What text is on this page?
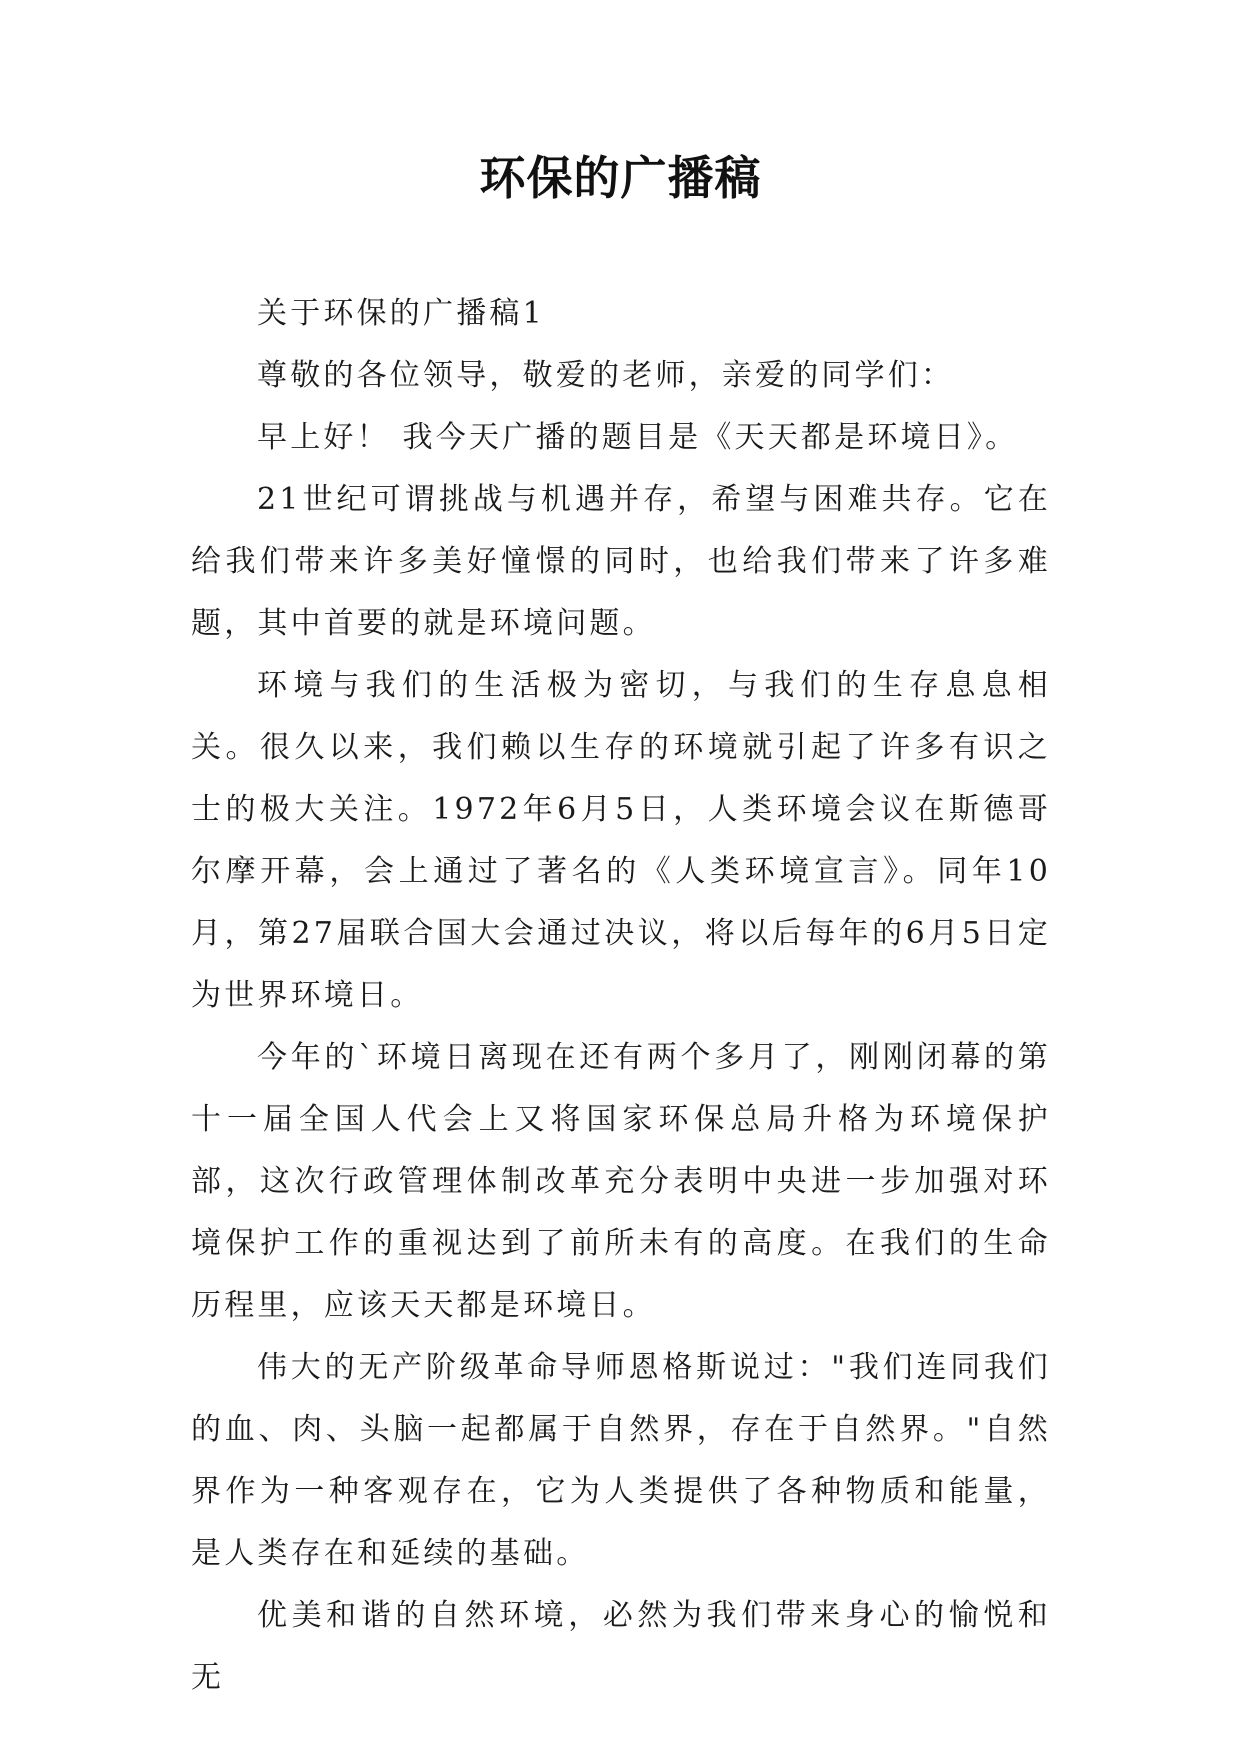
环保的广播稿

关于环保的广播稿1

尊敬的各位领导，敬爱的老师，亲爱的同学们：

早上好！ 我今天广播的题目是《天天都是环境日》。

21世纪可谓挑战与机遇并存，希望与困难共存。它在给我们带来许多美好憧憬的同时，也给我们带来了许多难题，其中首要的就是环境问题。

环境与我们的生活极为密切，与我们的生存息息相关。很久以来，我们赖以生存的环境就引起了许多有识之士的极大关注。1972年6月5日，人类环境会议在斯德哥尔摩开幕，会上通过了著名的《人类环境宣言》。同年10月，第27届联合国大会通过决议，将以后每年的6月5日定为世界环境日。

今年的`环境日离现在还有两个多月了，刚刚闭幕的第十一届全国人代会上又将国家环保总局升格为环境保护部，这次行政管理体制改革充分表明中央进一步加强对环境保护工作的重视达到了前所未有的高度。在我们的生命历程里，应该天天都是环境日。

伟大的无产阶级革命导师恩格斯说过："我们连同我们的血、肉、头脑一起都属于自然界，存在于自然界。"自然界作为一种客观存在，它为人类提供了各种物质和能量，是人类存在和延续的基础。

优美和谐的自然环境，必然为我们带来身心的愉悦和无
